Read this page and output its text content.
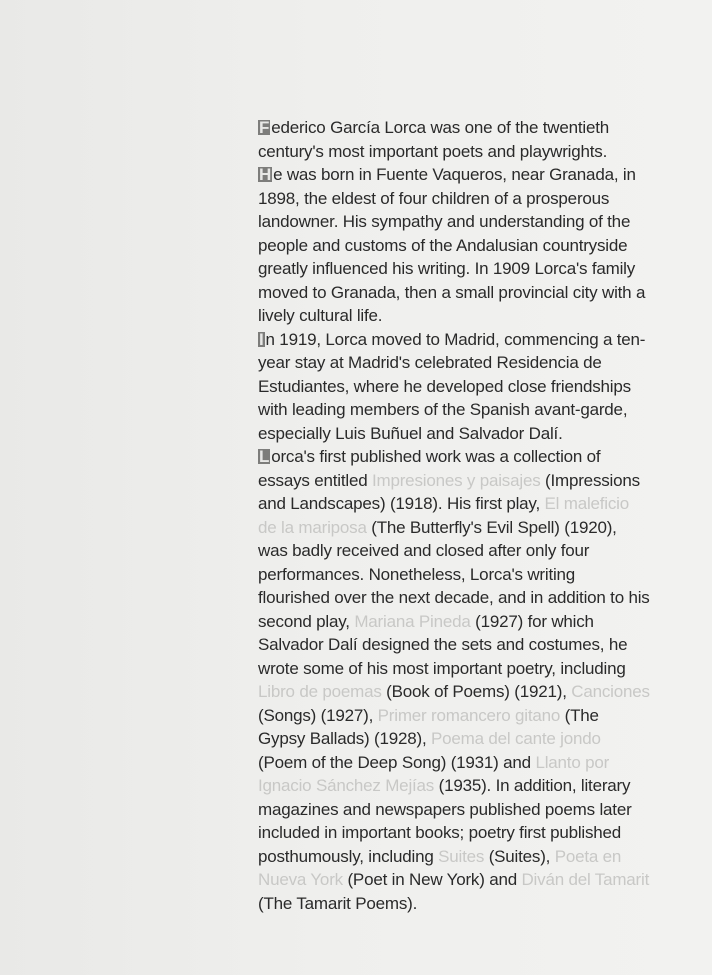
F ederico García Lorca was one of the twentieth century's most important poets and playwrights.

H e was born in Fuente Vaqueros, near Granada, in 1898, the eldest of four children of a prosperous landowner. His sympathy and understanding of the people and customs of the Andalusian countryside greatly influenced his writing. In 1909 Lorca's family moved to Granada, then a small provincial city with a lively cultural life.

I n 1919, Lorca moved to Madrid, commencing a ten-year stay at Madrid's celebrated Residencia de Estudiantes, where he developed close friendships with leading members of the Spanish avant-garde, especially Luis Buñuel and Salvador Dalí.

L orca's first published work was a collection of essays entitled Impresiones y paisajes (Impressions and Landscapes) (1918). His first play, El maleficio de la mariposa (The Butterfly's Evil Spell) (1920), was badly received and closed after only four performances. Nonetheless, Lorca's writing flourished over the next decade, and in addition to his second play, Mariana Pineda (1927) for which Salvador Dalí designed the sets and costumes, he wrote some of his most important poetry, including Libro de poemas (Book of Poems) (1921), Canciones (Songs) (1927), Primer romancero gitano (The Gypsy Ballads) (1928), Poema del cante jondo (Poem of the Deep Song) (1931) and Llanto por Ignacio Sánchez Mejías (1935). In addition, literary magazines and newspapers published poems later included in important books; poetry first published posthumously, including Suites (Suites), Poeta en Nueva York (Poet in New York) and Diván del Tamarit (The Tamarit Poems).
